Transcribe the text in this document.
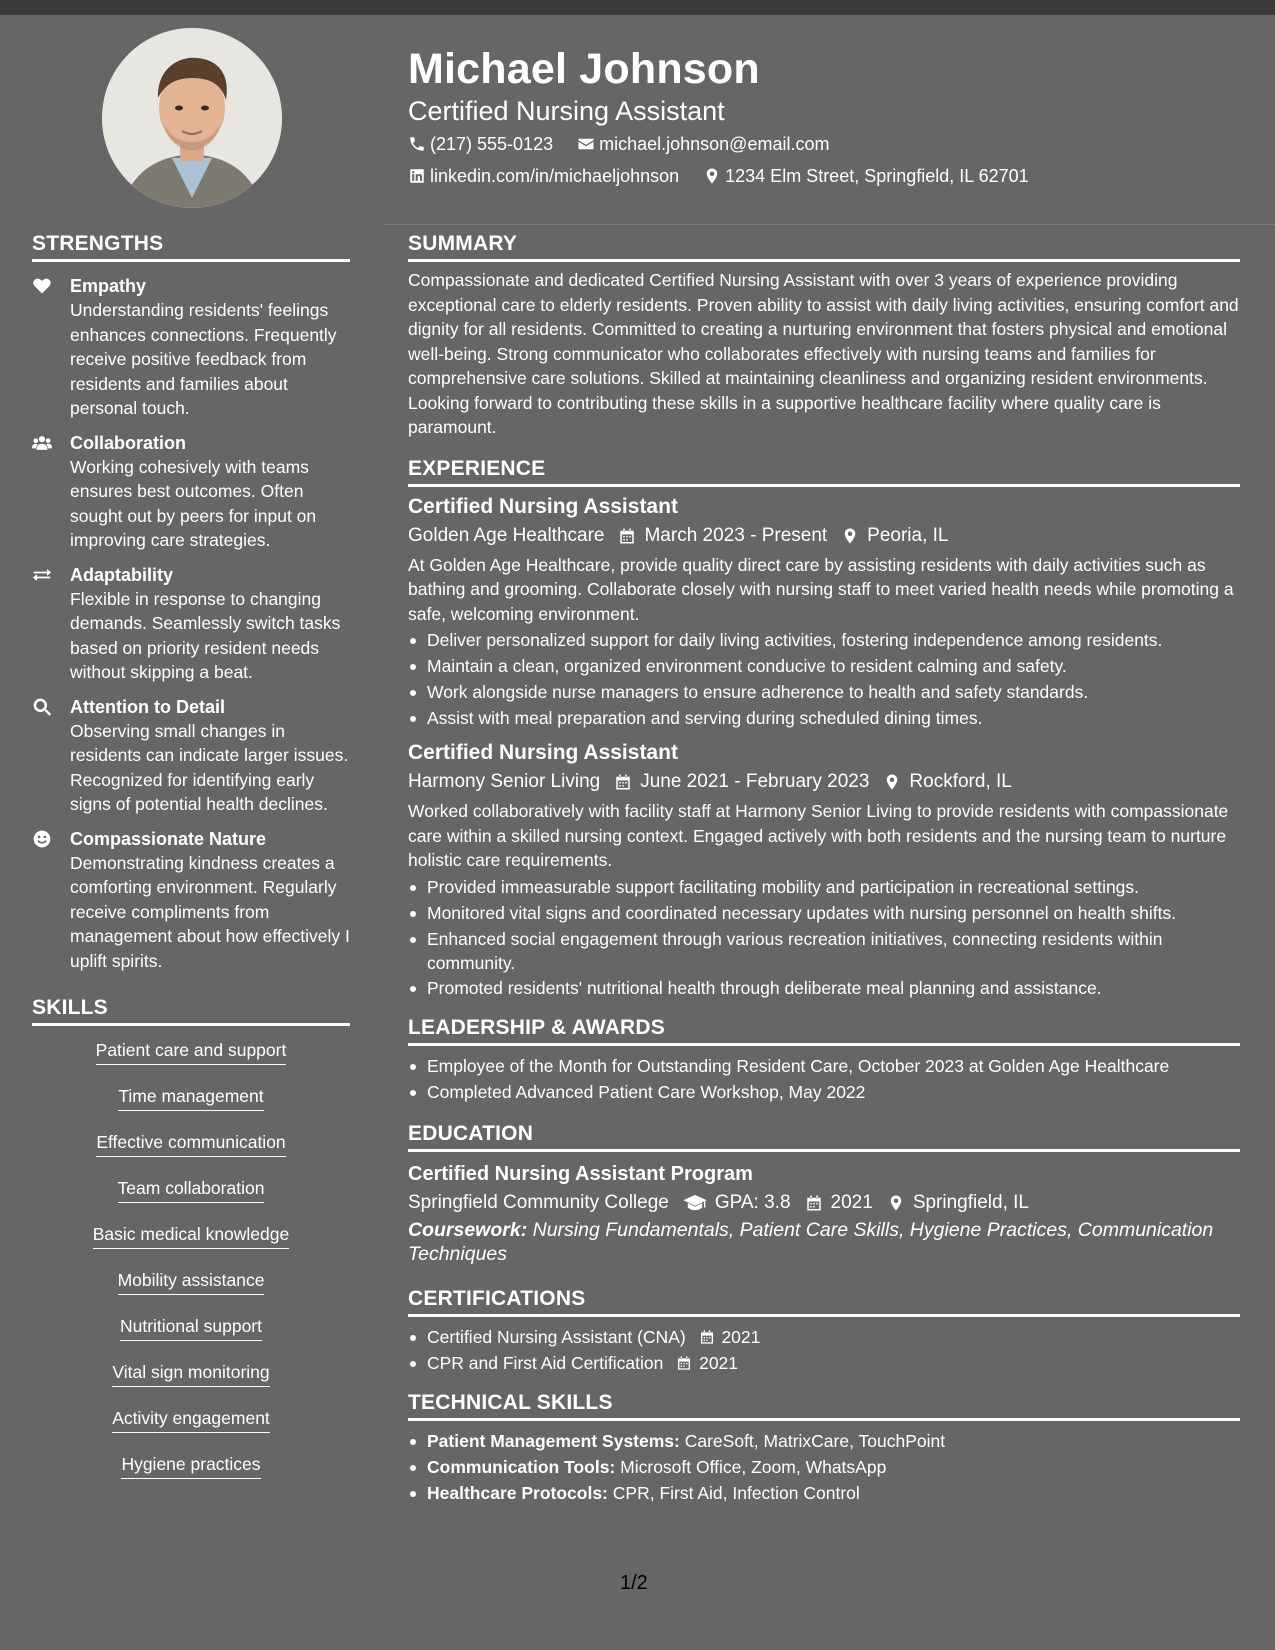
STRENGTHS
Empathy
Understanding residents' feelings enhances connections. Frequently receive positive feedback from residents and families about personal touch.
Collaboration
Working cohesively with teams ensures best outcomes. Often sought out by peers for input on improving care strategies.
Adaptability
Flexible in response to changing demands. Seamlessly switch tasks based on priority resident needs without skipping a beat.
Attention to Detail
Observing small changes in residents can indicate larger issues. Recognized for identifying early signs of potential health declines.
Compassionate Nature
Demonstrating kindness creates a comforting environment. Regularly receive compliments from management about how effectively I uplift spirits.
SKILLS
Patient care and support
Time management
Effective communication
Team collaboration
Basic medical knowledge
Mobility assistance
Nutritional support
Vital sign monitoring
Activity engagement
Hygiene practices
Michael Johnson
Certified Nursing Assistant
(217) 555-0123	michael.johnson@email.com
linkedin.com/in/michaeljohnson	1234 Elm Street, Springfield, IL 62701
SUMMARY
Compassionate and dedicated Certified Nursing Assistant with over 3 years of experience providing exceptional care to elderly residents. Proven ability to assist with daily living activities, ensuring comfort and dignity for all residents. Committed to creating a nurturing environment that fosters physical and emotional well-being. Strong communicator who collaborates effectively with nursing teams and families for comprehensive care solutions. Skilled at maintaining cleanliness and organizing resident environments. Looking forward to contributing these skills in a supportive healthcare facility where quality care is paramount.
EXPERIENCE
Certified Nursing Assistant
Golden Age Healthcare March 2023 - Present Peoria, IL
At Golden Age Healthcare, provide quality direct care by assisting residents with daily activities such as bathing and grooming. Collaborate closely with nursing staff to meet varied health needs while promoting a safe, welcoming environment.
Deliver personalized support for daily living activities, fostering independence among residents.
Maintain a clean, organized environment conducive to resident calming and safety.
Work alongside nurse managers to ensure adherence to health and safety standards.
Assist with meal preparation and serving during scheduled dining times.
Certified Nursing Assistant
Harmony Senior Living June 2021 - February 2023 Rockford, IL
Worked collaboratively with facility staff at Harmony Senior Living to provide residents with compassionate care within a skilled nursing context. Engaged actively with both residents and the nursing team to nurture holistic care requirements.
Provided immeasurable support facilitating mobility and participation in recreational settings.
Monitored vital signs and coordinated necessary updates with nursing personnel on health shifts.
Enhanced social engagement through various recreation initiatives, connecting residents within community.
Promoted residents' nutritional health through deliberate meal planning and assistance.
LEADERSHIP & AWARDS
Employee of the Month for Outstanding Resident Care, October 2023 at Golden Age Healthcare
Completed Advanced Patient Care Workshop, May 2022
EDUCATION
Certified Nursing Assistant Program
Springfield Community College GPA: 3.8 2021 Springfield, IL
Coursework: Nursing Fundamentals, Patient Care Skills, Hygiene Practices, Communication Techniques
CERTIFICATIONS
Certified Nursing Assistant (CNA) 2021
CPR and First Aid Certification 2021
TECHNICAL SKILLS
Patient Management Systems: CareSoft, MatrixCare, TouchPoint
Communication Tools: Microsoft Office, Zoom, WhatsApp
Healthcare Protocols: CPR, First Aid, Infection Control
1/2
